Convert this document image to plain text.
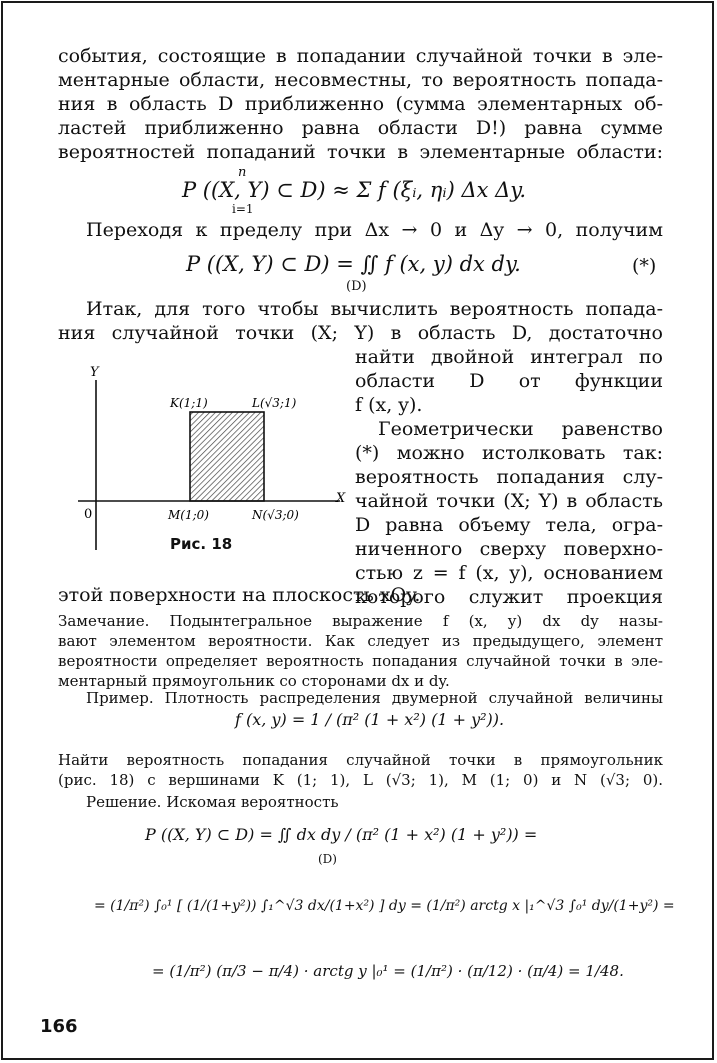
события, состоящие в попадании случайной точки в эле-
ментарные области, несовместны, то вероятность попада-
ния в область D приближенно (сумма элементарных об-
ластей приближенно равна области D!) равна сумме
вероятностей попаданий точки в элементарные области:
n
P ((X, Y) ⊂ D) ≈ Σ f (ξᵢ, ηᵢ) Δx Δy.
i=1
Переходя к пределу при Δx → 0 и Δy → 0, получим
P ((X, Y) ⊂ D) = ∬ f (x, y) dx dy.
(D)
(*)
Итак, для того чтобы вычислить вероятность попада-
ния случайной точки (X; Y) в область D, достаточно
найти двойной интеграл по
области D от функции
f (x, y).
Геометрически равенство
(*) можно истолковать так:
вероятность попадания слу-
чайной точки (X; Y) в область
D равна объему тела, огра-
ниченного сверху поверхно-
стью z = f (x, y), основанием
которого служит проекция
Y
X
0
K(1;1)	L(√3;1)
M(1;0)	N(√3;0)
Рис. 18
этой поверхности на плоскость xOy.
Замечание. Подынтегральное выражение f (x, y) dx dy назы-
вают элементом вероятности. Как следует из предыдущего, элемент
вероятности определяет вероятность попадания случайной точки в эле-
ментарный прямоугольник со сторонами dx и dy.
Пример. Плотность распределения двумерной случайной величины
f (x, y) = 1 / (π² (1 + x²) (1 + y²)).
Найти вероятность попадания случайной точки в прямоугольник
(рис. 18) с вершинами K (1; 1), L (√3; 1), M (1; 0) и N (√3; 0).
Решение. Искомая вероятность
P ((X, Y) ⊂ D) = ∬ dx dy / (π² (1 + x²) (1 + y²)) =
(D)
= (1/π²) ∫₀¹ [ (1/(1+y²)) ∫₁^√3 dx/(1+x²) ] dy = (1/π²) arctg x |₁^√3 ∫₀¹ dy/(1+y²) =
= (1/π²) (π/3 − π/4) · arctg y |₀¹ = (1/π²) · (π/12) · (π/4) = 1/48.
166
